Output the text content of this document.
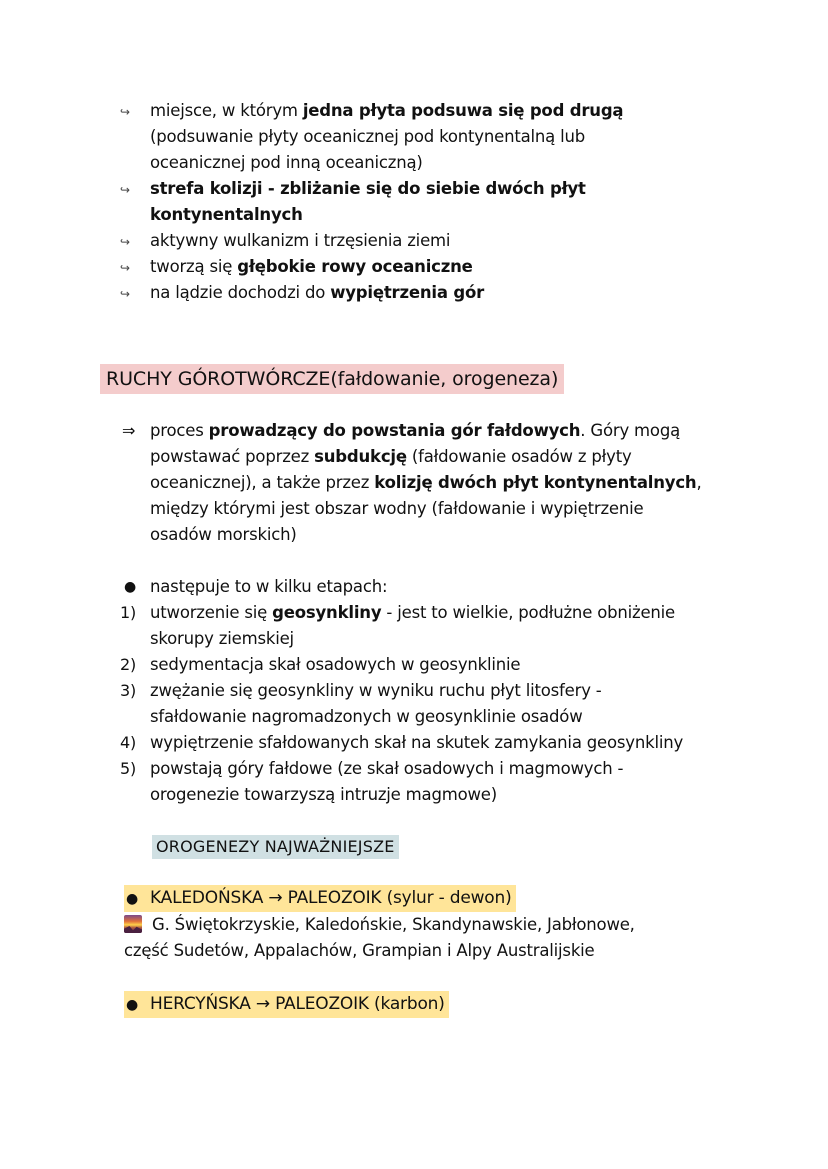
↪	miejsce, w którym jedna płyta podsuwa się pod drugą
(podsuwanie płyty oceanicznej pod kontynentalną lub
oceanicznej pod inną oceaniczną)
↪	strefa kolizji - zbliżanie się do siebie dwóch płyt
kontynentalnych
↪	aktywny wulkanizm i trzęsienia ziemi
↪	tworzą się głębokie rowy oceaniczne
↪	na lądzie dochodzi do wypiętrzenia gór
RUCHY GÓROTWÓRCZE(fałdowanie, orogeneza)
⇒ proces prowadzący do powstania gór fałdowych. Góry mogą
powstawać poprzez subdukcję (fałdowanie osadów z płyty
oceanicznej), a także przez kolizję dwóch płyt kontynentalnych,
między którymi jest obszar wodny (fałdowanie i wypiętrzenie
osadów morskich)
● następuje to w kilku etapach:
1) utworzenie się geosynkliny - jest to wielkie, podłużne obniżenie
skorupy ziemskiej
2) sedymentacja skał osadowych w geosynklinie
3) zwężanie się geosynkliny w wyniku ruchu płyt litosfery -
sfałdowanie nagromadzonych w geosynklinie osadów
4) wypiętrzenie sfałdowanych skał na skutek zamykania geosynkliny
5) powstają góry fałdowe (ze skał osadowych i magmowych -
orogenezie towarzyszą intruzje magmowe)
OROGENEZY NAJWAŻNIEJSZE
● KALEDOŃSKA → PALEOZOIK (sylur - dewon)
G. Świętokrzyskie, Kaledońskie, Skandynawskie, Jabłonowe,
część Sudetów, Appalachów, Grampian i Alpy Australijskie
● HERCYŃSKA → PALEOZOIK (karbon)
